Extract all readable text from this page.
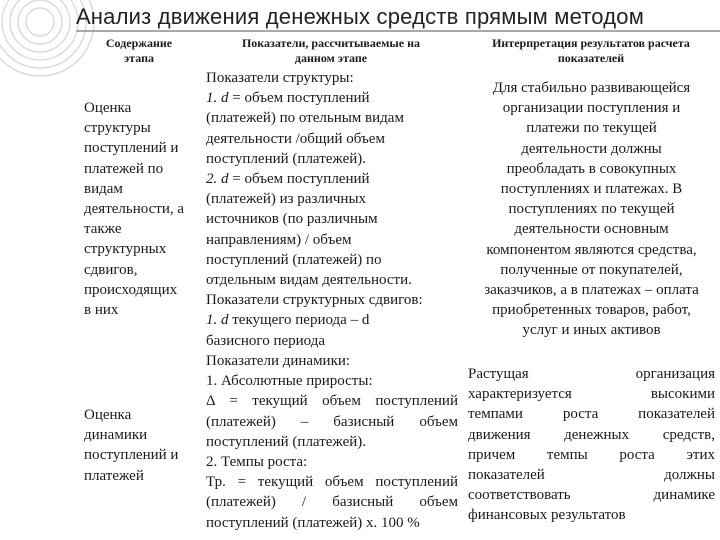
Анализ движения денежных средств прямым методом
Содержание
этапа
Показатели, рассчитываемые на
данном этапе
Интерпретация результатов расчета
показателей
Оценка
структуры
поступлений и
платежей по
видам
деятельности, а
также
структурных
сдвигов,
происходящих
в них
Показатели структуры:
1. d = объем поступлений
(платежей) по отельным видам
деятельности /общий объем
поступлений (платежей).
2. d = объем поступлений
(платежей) из различных
источников (по различным
направлениям) / объем
поступлений (платежей) по
отдельным видам деятельности.
Показатели структурных сдвигов:
1. d текущего периода – d
базисного периода
Для стабильно развивающейся
организации поступления и
платежи по текущей
деятельности должны
преобладать в совокупных
поступлениях и платежах. В
поступлениях по текущей
деятельности основным
компонентом являются средства,
полученные от покупателей,
заказчиков, а в платежах – оплата
приобретенных товаров, работ,
услуг и иных активов
Оценка
динамики
поступлений и
платежей
Показатели динамики:
1. Абсолютные приросты:
Δ = текущий объем поступлений
(платежей) – базисный объем
поступлений (платежей).
2. Темпы роста:
Тр. = текущий объем поступлений
(платежей) / базисный объем
поступлений (платежей) х. 100 %
Растущая организация
характеризуется высокими
темпами роста показателей
движения денежных средств,
причем темпы роста этих
показателей должны
соответствовать динамике
финансовых результатов
